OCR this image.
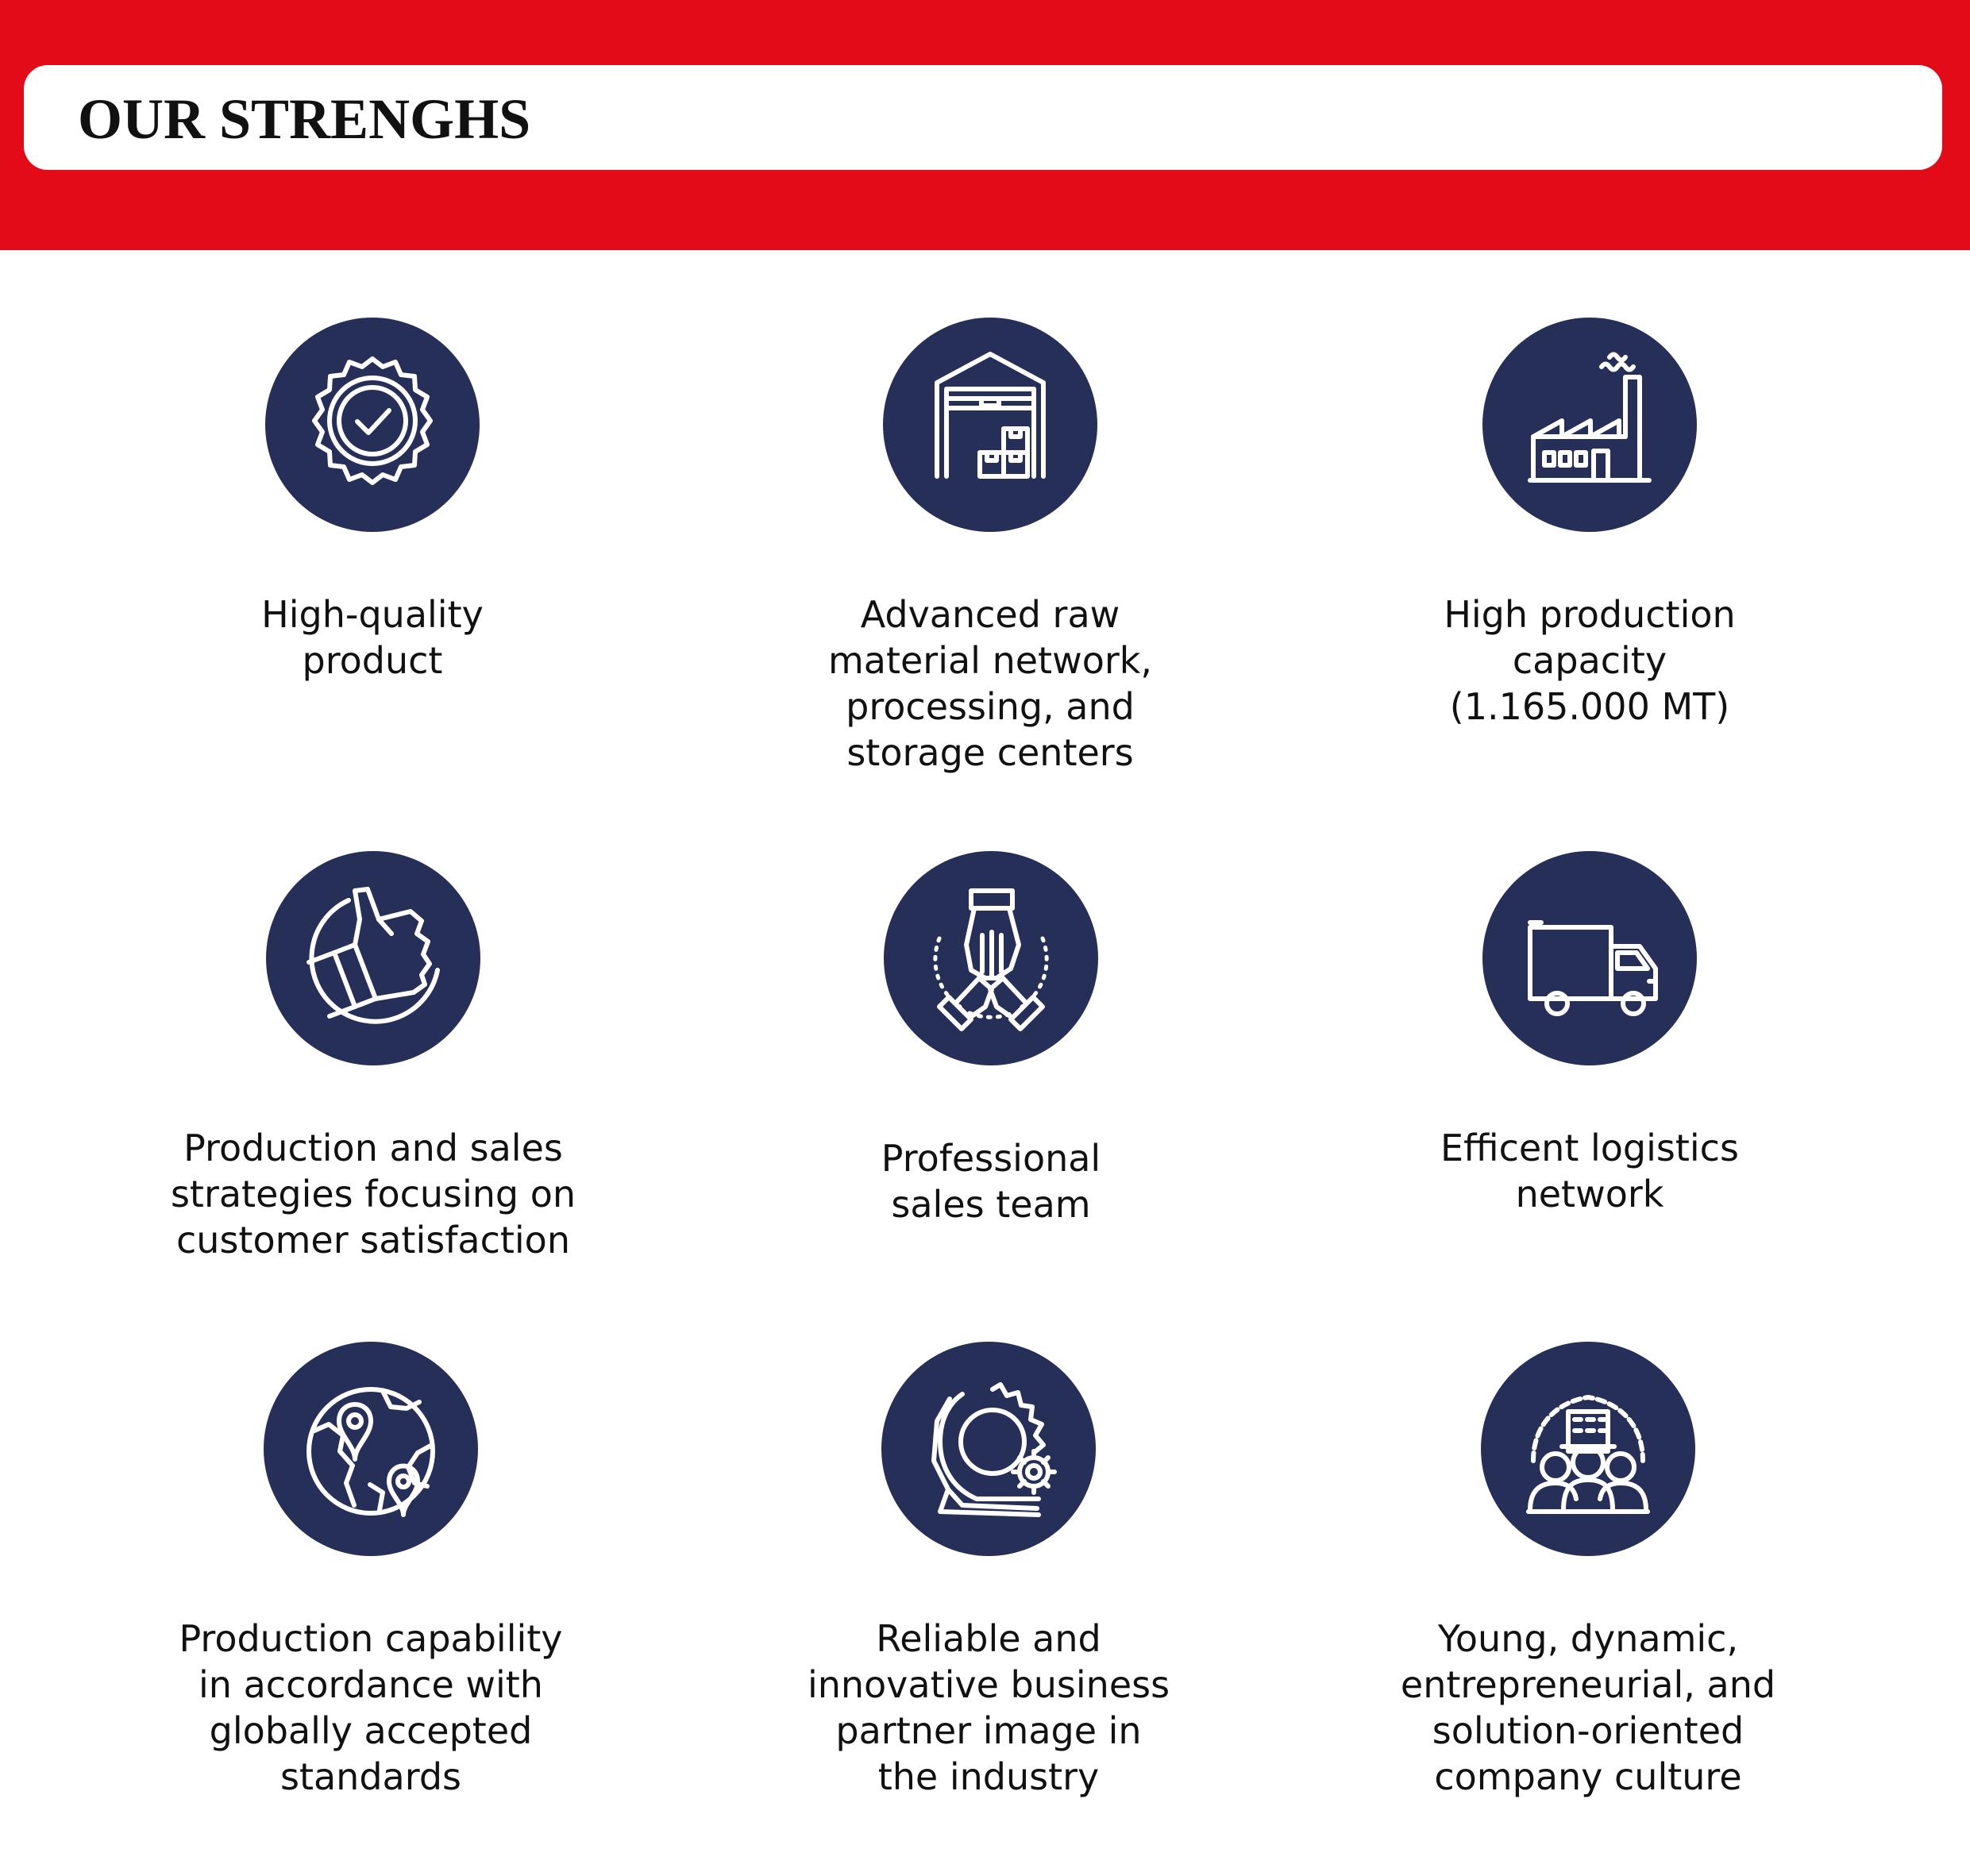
OUR STRENGHS
High-quality
product
Advanced raw
material network,
processing, and
storage centers
High production
capacity
(1.165.000 MT)
Production and sales
strategies focusing on
customer satisfaction
Professional
sales team
Efficent logistics
network
Production capability
in accordance with
globally accepted
standards
Reliable and
innovative business
partner image in
the industry
Young, dynamic,
entrepreneurial, and
solution-oriented
company culture
